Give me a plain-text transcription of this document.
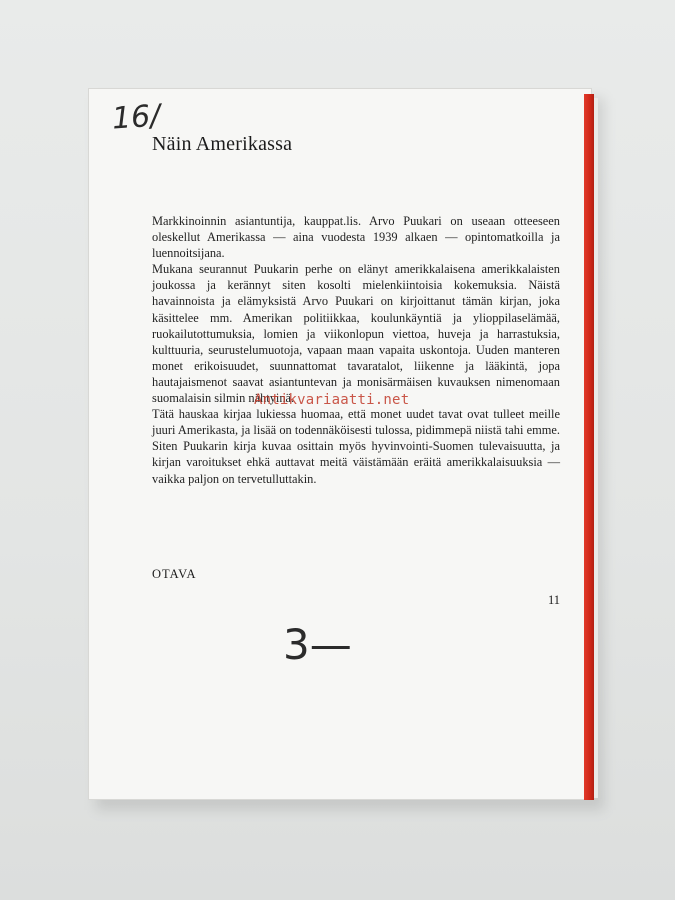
16/
Näin Amerikassa

Markkinoinnin asiantuntija, kauppat.lis. Arvo Puukari on useaan otteeseen oleskellut Amerikassa — aina vuodesta 1939 alkaen — opintomatkoilla ja luennoitsijana.

Mukana seurannut Puukarin perhe on elänyt amerikkalaisena amerikkalaisten joukossa ja kerännyt siten kosolti mielenkiintoisia kokemuksia. Näistä havainnoista ja elämyksistä Arvo Puukari on kirjoittanut tämän kirjan, joka käsittelee mm. Amerikan politiikkaa, koulunkäyntiä ja ylioppilaselämää, ruokailutottumuksia, lomien ja viikonlopun viettoa, huveja ja harrastuksia, kulttuuria, seurustelumuotoja, vapaan maan vapaita uskontoja. Uuden manteren monet erikoisuudet, suunnattomat tavaratalot, liikenne ja lääkintä, jopa hautajaismenot saavat asiantuntevan ja monisärmäisen kuvauksen nimenomaan suomalaisin silmin nähtyinä.

Tätä hauskaa kirjaa lukiessa huomaa, että monet uudet tavat ovat tulleet meille juuri Amerikasta, ja lisää on todennäköisesti tulossa, pidimmepä niistä tahi emme. Siten Puukarin kirja kuvaa osittain myös hyvinvointi-Suomen tulevaisuutta, ja kirjan varoitukset ehkä auttavat meitä väistämään eräitä amerikkalaisuuksia — vaikka paljon on tervetulluttakin.

Antikvariaatti.net
OTAVA
11
3—
